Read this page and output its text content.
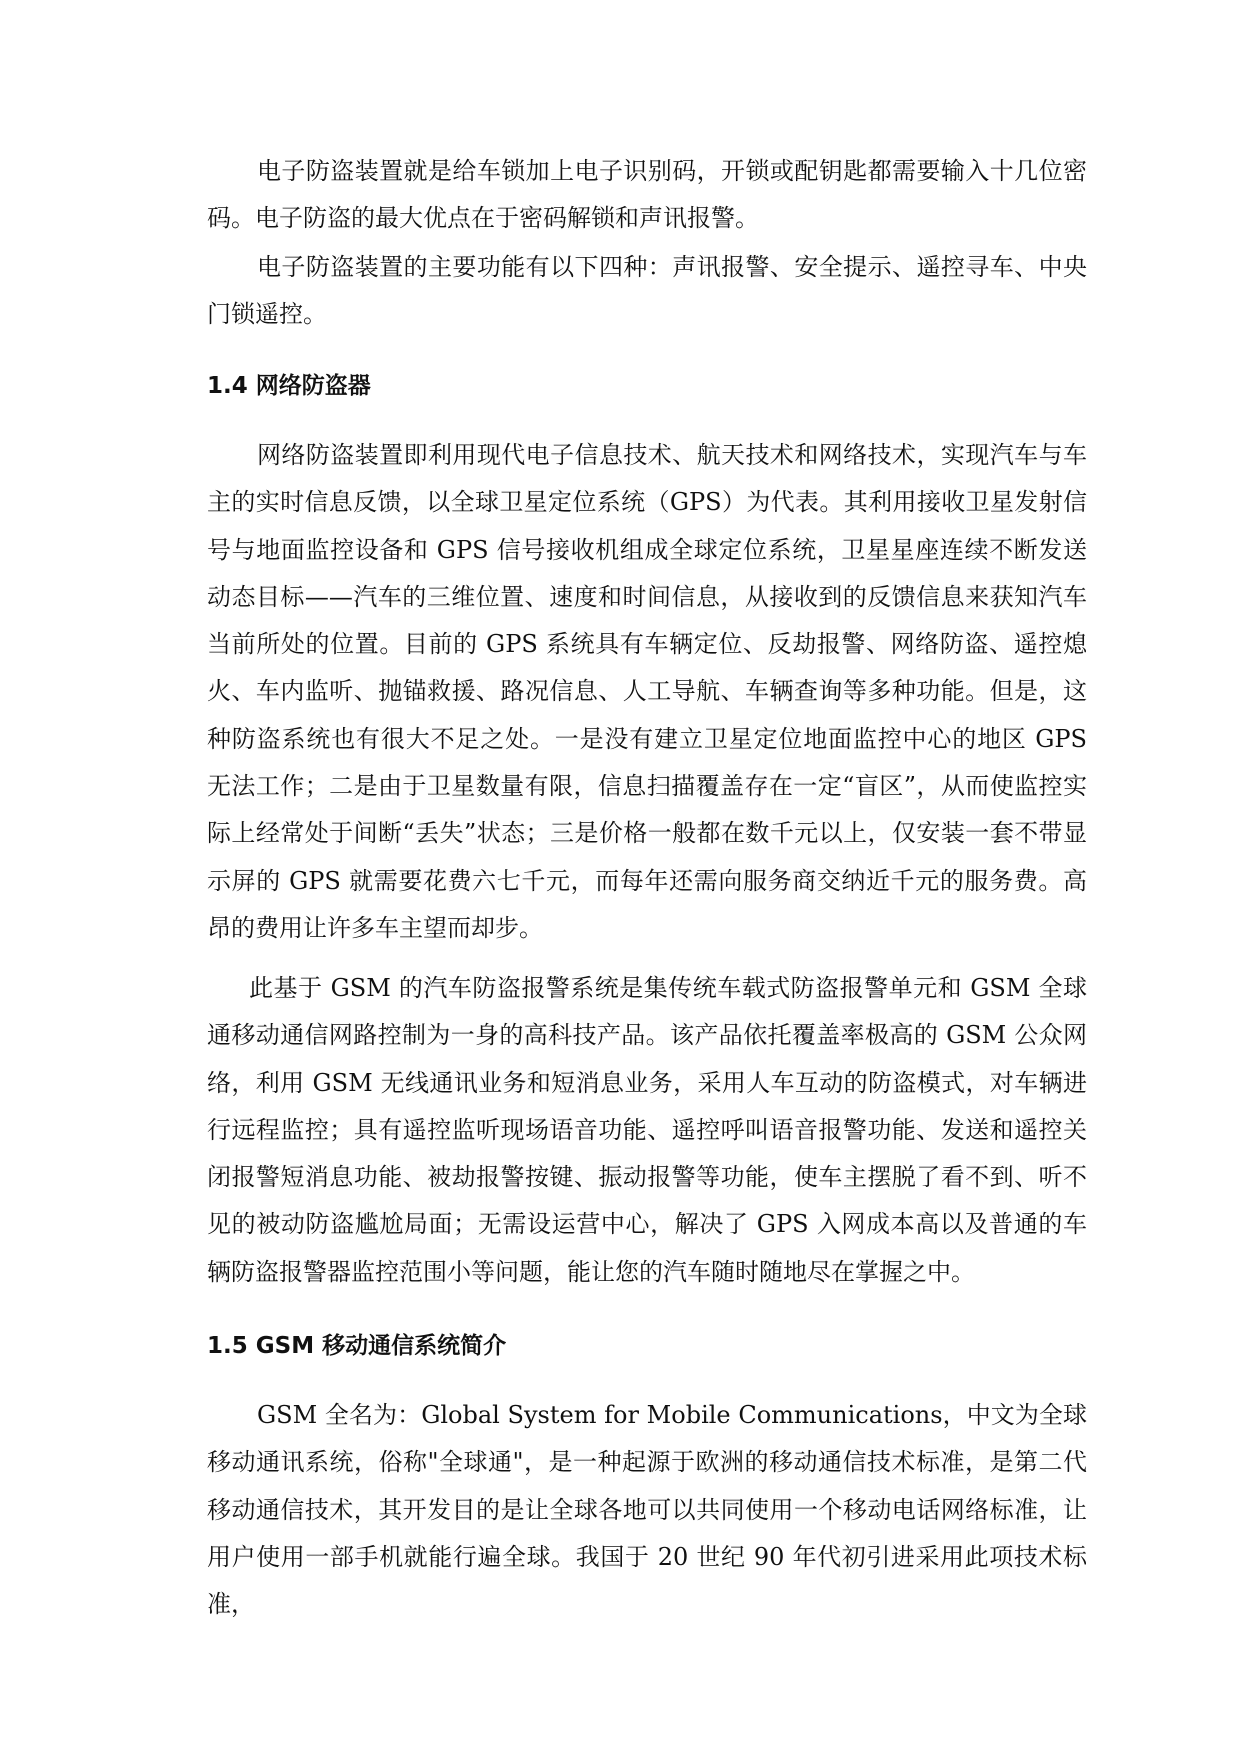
电子防盗装置就是给车锁加上电子识别码，开锁或配钥匙都需要输入十几位密码。电子防盗的最大优点在于密码解锁和声讯报警。

电子防盗装置的主要功能有以下四种：声讯报警、安全提示、遥控寻车、中央门锁遥控。

1.4 网络防盗器

网络防盗装置即利用现代电子信息技术、航天技术和网络技术，实现汽车与车主的实时信息反馈，以全球卫星定位系统（GPS）为代表。其利用接收卫星发射信号与地面监控设备和 GPS 信号接收机组成全球定位系统，卫星星座连续不断发送动态目标——汽车的三维位置、速度和时间信息，从接收到的反馈信息来获知汽车当前所处的位置。目前的 GPS 系统具有车辆定位、反劫报警、网络防盗、遥控熄火、车内监听、抛锚救援、路况信息、人工导航、车辆查询等多种功能。但是，这种防盗系统也有很大不足之处。一是没有建立卫星定位地面监控中心的地区 GPS 无法工作；二是由于卫星数量有限，信息扫描覆盖存在一定“盲区”，从而使监控实际上经常处于间断“丢失”状态；三是价格一般都在数千元以上，仅安装一套不带显示屏的 GPS 就需要花费六七千元，而每年还需向服务商交纳近千元的服务费。高昂的费用让许多车主望而却步。

此基于 GSM 的汽车防盗报警系统是集传统车载式防盗报警单元和 GSM 全球通移动通信网路控制为一身的高科技产品。该产品依托覆盖率极高的 GSM 公众网络，利用 GSM 无线通讯业务和短消息业务，采用人车互动的防盗模式，对车辆进行远程监控；具有遥控监听现场语音功能、遥控呼叫语音报警功能、发送和遥控关闭报警短消息功能、被劫报警按键、振动报警等功能，使车主摆脱了看不到、听不见的被动防盗尴尬局面；无需设运营中心，解决了 GPS 入网成本高以及普通的车辆防盗报警器监控范围小等问题，能让您的汽车随时随地尽在掌握之中。

1.5 GSM 移动通信系统简介

GSM 全名为：Global System for Mobile Communications，中文为全球移动通讯系统，俗称"全球通"，是一种起源于欧洲的移动通信技术标准，是第二代移动通信技术，其开发目的是让全球各地可以共同使用一个移动电话网络标准，让用户使用一部手机就能行遍全球。我国于 20 世纪 90 年代初引进采用此项技术标准，
